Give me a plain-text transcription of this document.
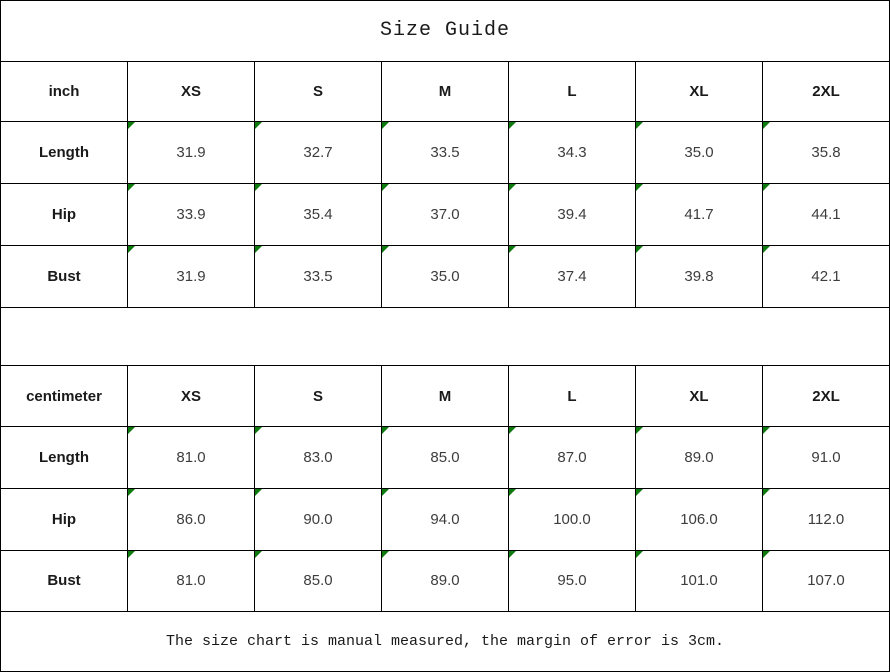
Size Guide						
inch	XS	S	M	L	XL	2XL
Length	31.9	32.7	33.5	34.3	35.0	35.8
Hip	33.9	35.4	37.0	39.4	41.7	44.1
Bust	31.9	33.5	35.0	37.4	39.8	42.1

centimeter	XS	S	M	L	XL	2XL
Length	81.0	83.0	85.0	87.0	89.0	91.0
Hip	86.0	90.0	94.0	100.0	106.0	112.0
Bust	81.0	85.0	89.0	95.0	101.0	107.0
The size chart is manual measured, the margin of error is 3cm.						
